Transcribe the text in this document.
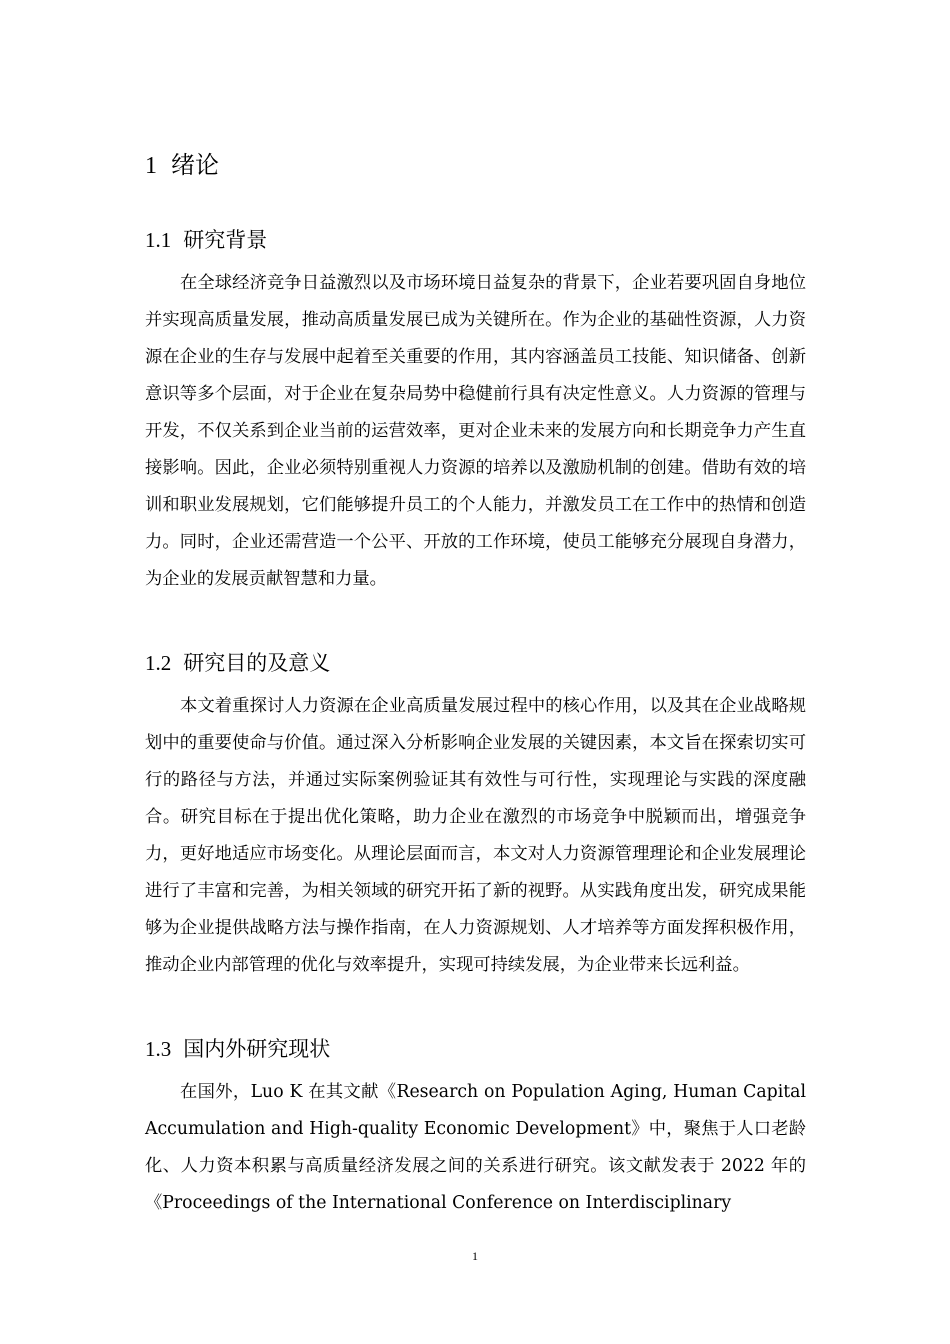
1 绪论
1.1 研究背景

在全球经济竞争日益激烈以及市场环境日益复杂的背景下，企业若要巩固自身地位并实现高质量发展，推动高质量发展已成为关键所在。作为企业的基础性资源，人力资源在企业的生存与发展中起着至关重要的作用，其内容涵盖员工技能、知识储备、创新意识等多个层面，对于企业在复杂局势中稳健前行具有决定性意义。人力资源的管理与开发，不仅关系到企业当前的运营效率，更对企业未来的发展方向和长期竞争力产生直接影响。因此，企业必须特别重视人力资源的培养以及激励机制的创建。借助有效的培训和职业发展规划，它们能够提升员工的个人能力，并激发员工在工作中的热情和创造力。同时，企业还需营造一个公平、开放的工作环境，使员工能够充分展现自身潜力，为企业的发展贡献智慧和力量。

1.2 研究目的及意义

本文着重探讨人力资源在企业高质量发展过程中的核心作用，以及其在企业战略规划中的重要使命与价值。通过深入分析影响企业发展的关键因素，本文旨在探索切实可行的路径与方法，并通过实际案例验证其有效性与可行性，实现理论与实践的深度融合。研究目标在于提出优化策略，助力企业在激烈的市场竞争中脱颖而出，增强竞争力，更好地适应市场变化。从理论层面而言，本文对人力资源管理理论和企业发展理论进行了丰富和完善，为相关领域的研究开拓了新的视野。从实践角度出发，研究成果能够为企业提供战略方法与操作指南，在人力资源规划、人才培养等方面发挥积极作用，推动企业内部管理的优化与效率提升，实现可持续发展，为企业带来长远利益。

1.3 国内外研究现状

在国外，Luo K 在其文献《Research on Population Aging, Human Capital Accumulation and High-quality Economic Development》中，聚焦于人口老龄化、人力资本积累与高质量经济发展之间的关系进行研究。该文献发表于 2022 年的《Proceedings of the International Conference on Interdisciplinary

1
